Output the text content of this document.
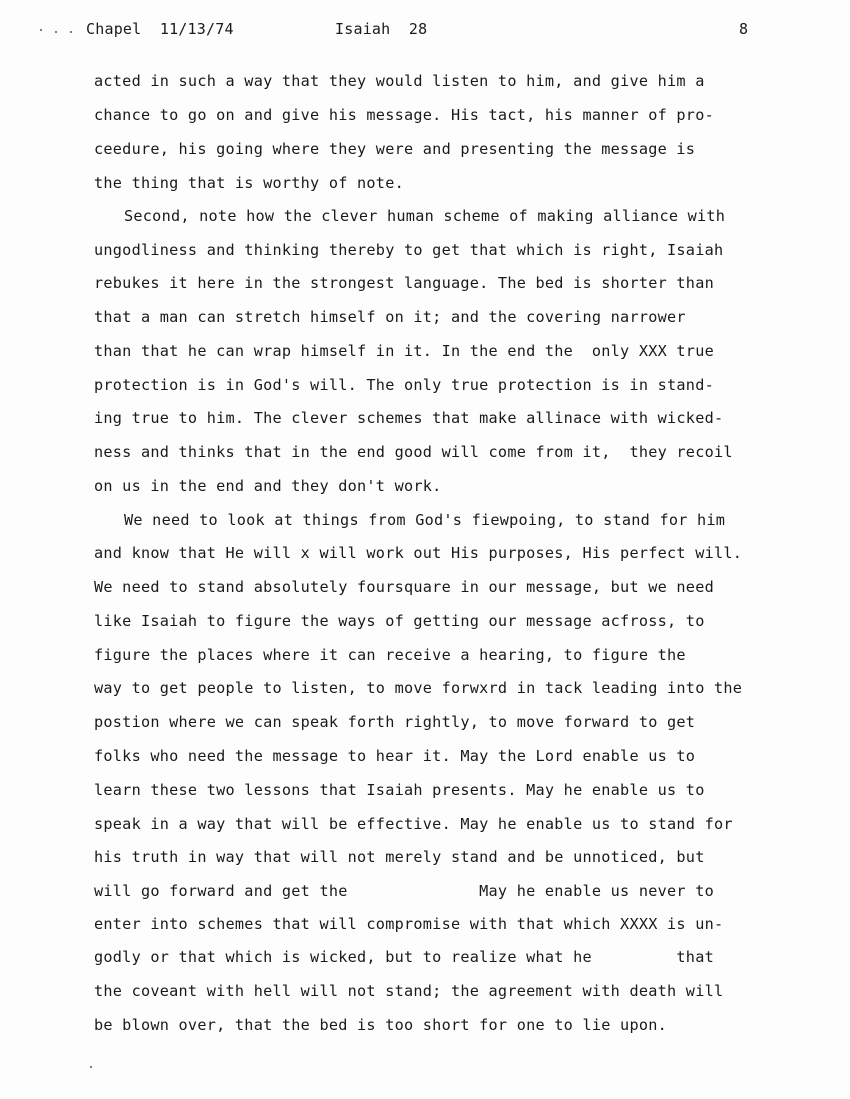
Chapel  11/13/74	Isaiah  28	8
acted in such a way that they would listen to him, and give him a
chance to go on and give his message. His tact, his manner of pro-
ceedure, his going where they were and presenting the message is
the thing that is worthy of note.
Second, note how the clever human scheme of making alliance with
ungodliness and thinking thereby to get that which is right, Isaiah
rebukes it here in the strongest language. The bed is shorter than
that a man can stretch himself on it; and the covering narrower
than that he can wrap himself in it. In the end the  only XXX true
protection is in God's will. The only true protection is in stand-
ing true to him. The clever schemes that make allinace with wicked-
ness and thinks that in the end good will come from it,  they recoil
on us in the end and they don't work.
We need to look at things from God's fiewpoing, to stand for him
and know that He will x will work out His purposes, His perfect will.
We need to stand absolutely foursquare in our message, but we need
like Isaiah to figure the ways of getting our message acfross, to
figure the places where it can receive a hearing, to figure the
way to get people to listen, to move forwxrd in tack leading into the
postion where we can speak forth rightly, to move forward to get
folks who need the message to hear it. May the Lord enable us to
learn these two lessons that Isaiah presents. May he enable us to
speak in a way that will be effective. May he enable us to stand for
his truth in way that will not merely stand and be unnoticed, but
will go forward and get the              May he enable us never to
enter into schemes that will compromise with that which XXXX is un-
godly or that which is wicked, but to realize what he         that
the coveant with hell will not stand; the agreement with death will
be blown over, that the bed is too short for one to lie upon.
